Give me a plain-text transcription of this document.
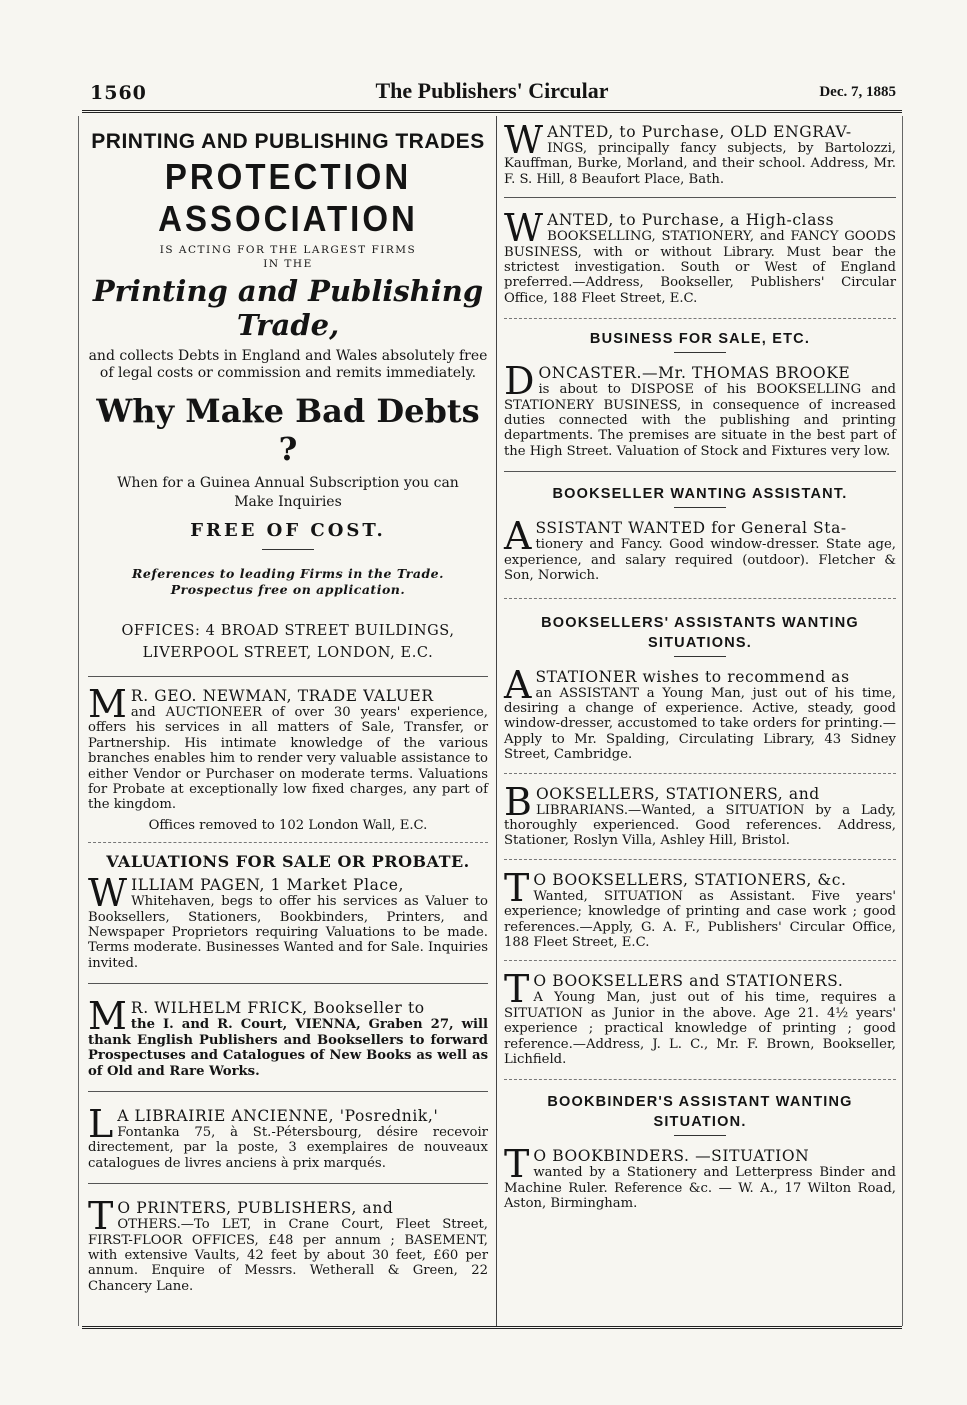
1560	The Publishers' Circular	Dec. 7, 1885
PRINTING AND PUBLISHING TRADES
PROTECTION ASSOCIATION
IS ACTING FOR THE LARGEST FIRMS
IN THE
Printing and Publishing Trade,

and collects Debts in England and Wales absolutely free of legal costs or commission and remits immediately.

Why Make Bad Debts ?

When for a Guinea Annual Subscription you can Make Inquiries

FREE OF COST.
References to leading Firms in the Trade.
Prospectus free on application.
OFFICES: 4 BROAD STREET BUILDINGS,
LIVERPOOL STREET, LONDON, E.C.
M R. GEO. NEWMAN, TRADE VALUER

and AUCTIONEER of over 30 years' experience, offers his services in all matters of Sale, Transfer, or Partnership. His intimate knowledge of the various branches enables him to render very valuable assistance to either Vendor or Purchaser on moderate terms. Valuations for Probate at exceptionally low fixed charges, any part of the kingdom.

Offices removed to 102 London Wall, E.C.

VALUATIONS FOR SALE OR PROBATE.
W ILLIAM PAGEN, 1 Market Place,

Whitehaven, begs to offer his services as Valuer to Booksellers, Stationers, Bookbinders, Printers, and Newspaper Proprietors requiring Valuations to be made. Terms moderate. Businesses Wanted and for Sale. Inquiries invited.

M R. WILHELM FRICK, Bookseller to

the I. and R. Court, VIENNA, Graben 27, will thank English Publishers and Booksellers to forward Prospectuses and Catalogues of New Books as well as of Old and Rare Works.

L A LIBRAIRIE ANCIENNE, 'Posrednik,'

Fontanka 75, à St.-Pétersbourg, désire recevoir directement, par la poste, 3 exemplaires de nouveaux catalogues de livres anciens à prix marqués.

T O PRINTERS, PUBLISHERS, and

OTHERS.—To LET, in Crane Court, Fleet Street, FIRST-FLOOR OFFICES, £48 per annum ; BASEMENT, with extensive Vaults, 42 feet by about 30 feet, £60 per annum. Enquire of Messrs. Wetherall & Green, 22 Chancery Lane.

W ANTED, to Purchase, OLD ENGRAV-

INGS, principally fancy subjects, by Bartolozzi, Kauffman, Burke, Morland, and their school. Address, Mr. F. S. Hill, 8 Beaufort Place, Bath.

W ANTED, to Purchase, a High-class

BOOKSELLING, STATIONERY, and FANCY GOODS BUSINESS, with or without Library. Must bear the strictest investigation. South or West of England preferred.—Address, Bookseller, Publishers' Circular Office, 188 Fleet Street, E.C.

BUSINESS FOR SALE, ETC.
D ONCASTER.—Mr. THOMAS BROOKE

is about to DISPOSE of his BOOKSELLING and STATIONERY BUSINESS, in consequence of increased duties connected with the publishing and printing departments. The premises are situate in the best part of the High Street. Valuation of Stock and Fixtures very low.

BOOKSELLER WANTING ASSISTANT.
A SSISTANT WANTED for General Sta-

tionery and Fancy. Good window-dresser. State age, experience, and salary required (outdoor). Fletcher & Son, Norwich.

BOOKSELLERS' ASSISTANTS WANTING
SITUATIONS.
A STATIONER wishes to recommend as

an ASSISTANT a Young Man, just out of his time, desiring a change of experience. Active, steady, good window-dresser, accustomed to take orders for printing.—Apply to Mr. Spalding, Circulating Library, 43 Sidney Street, Cambridge.

B OOKSELLERS, STATIONERS, and

LIBRARIANS.—Wanted, a SITUATION by a Lady, thoroughly experienced. Good references. Address, Stationer, Roslyn Villa, Ashley Hill, Bristol.

T O BOOKSELLERS, STATIONERS, &c.

Wanted, SITUATION as Assistant. Five years' experience; knowledge of printing and case work ; good references.—Apply, G. A. F., Publishers' Circular Office, 188 Fleet Street, E.C.

T O BOOKSELLERS and STATIONERS.

A Young Man, just out of his time, requires a SITUATION as Junior in the above. Age 21. 4½ years' experience ; practical knowledge of printing ; good reference.—Address, J. L. C., Mr. F. Brown, Bookseller, Lichfield.

BOOKBINDER'S ASSISTANT WANTING
SITUATION.
T O BOOKBINDERS. —SITUATION

wanted by a Stationery and Letterpress Binder and Machine Ruler. Reference &c. — W. A., 17 Wilton Road, Aston, Birmingham.
